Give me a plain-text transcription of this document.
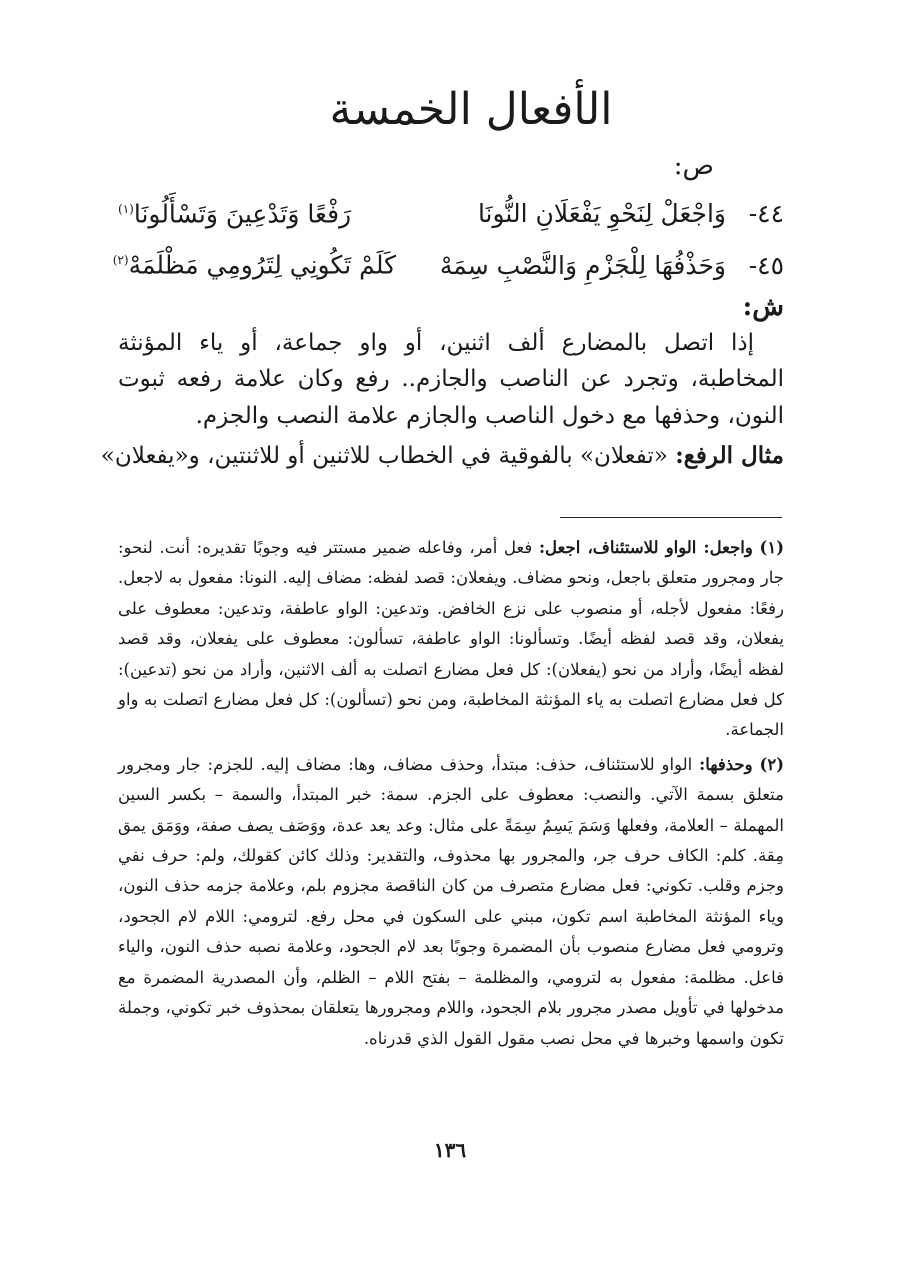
الأفعال الخمسة
ص:
٤٤-
وَاجْعَلْ لِنَحْوِ يَفْعَلَانِ النُّونَا
رَفْعًا وَتَدْعِينَ وَتَسْأَلُونَا$^{(١)}$
٤٥-
وَحَذْفُهَا لِلْجَزْمِ وَالنَّصْبِ سِمَهْ
كَلَمْ تَكُونِي لِتَرُومِي مَظْلَمَهْ$^{(٢)}$
ش:

إذا اتصل بالمضارع ألف اثنين، أو واو جماعة، أو ياء المؤنثة المخاطبة، وتجرد عن الناصب والجازم.. رفع وكان علامة رفعه ثبوت النون، وحذفها مع دخول الناصب والجازم علامة النصب والجزم.

مثال الرفع: «تفعلان» بالفوقية في الخطاب للاثنين أو للاثنتين، و«يفعلان»

(١) واجعل: الواو للاستئناف، اجعل: فعل أمر، وفاعله ضمير مستتر فيه وجوبًا تقديره: أنت. لنحو: جار ومجرور متعلق باجعل، ونحو مضاف. ويفعلان: قصد لفظه: مضاف إليه. النونا: مفعول به لاجعل. رفعًا: مفعول لأجله، أو منصوب على نزع الخافض. وتدعين: الواو عاطفة، وتدعين: معطوف على يفعلان، وقد قصد لفظه أيضًا. وتسألونا: الواو عاطفة، تسألون: معطوف على يفعلان، وقد قصد لفظه أيضًا، وأراد من نحو (يفعلان): كل فعل مضارع اتصلت به ألف الاثنين، وأراد من نحو (تدعين): كل فعل مضارع اتصلت به ياء المؤنثة المخاطبة، ومن نحو (تسألون): كل فعل مضارع اتصلت به واو الجماعة.

(٢) وحذفها: الواو للاستئناف، حذف: مبتدأ، وحذف مضاف، وها: مضاف إليه. للجزم: جار ومجرور متعلق بسمة الآتي. والنصب: معطوف على الجزم. سمة: خبر المبتدأ، والسمة – بكسر السين المهملة – العلامة، وفعلها وَسَمَ يَسِمُ سِمَةً على مثال: وعد يعد عدة، ووَصَف يصف صفة، ووَمَق يمق مِقة. كلم: الكاف حرف جر، والمجرور بها محذوف، والتقدير: وذلك كائن كقولك، ولم: حرف نفي وجزم وقلب. تكوني: فعل مضارع متصرف من كان الناقصة مجزوم بلم، وعلامة جزمه حذف النون، وياء المؤنثة المخاطبة اسم تكون، مبني على السكون في محل رفع. لترومي: اللام لام الجحود، وترومي فعل مضارع منصوب بأن المضمرة وجوبًا بعد لام الجحود، وعلامة نصبه حذف النون، والياء فاعل. مظلمة: مفعول به لترومي، والمظلمة – بفتح اللام – الظلم، وأن المصدرية المضمرة مع مدخولها في تأويل مصدر مجرور بلام الجحود، واللام ومجرورها يتعلقان بمحذوف خبر تكوني، وجملة تكون واسمها وخبرها في محل نصب مقول القول الذي قدرناه.

١٣٦
